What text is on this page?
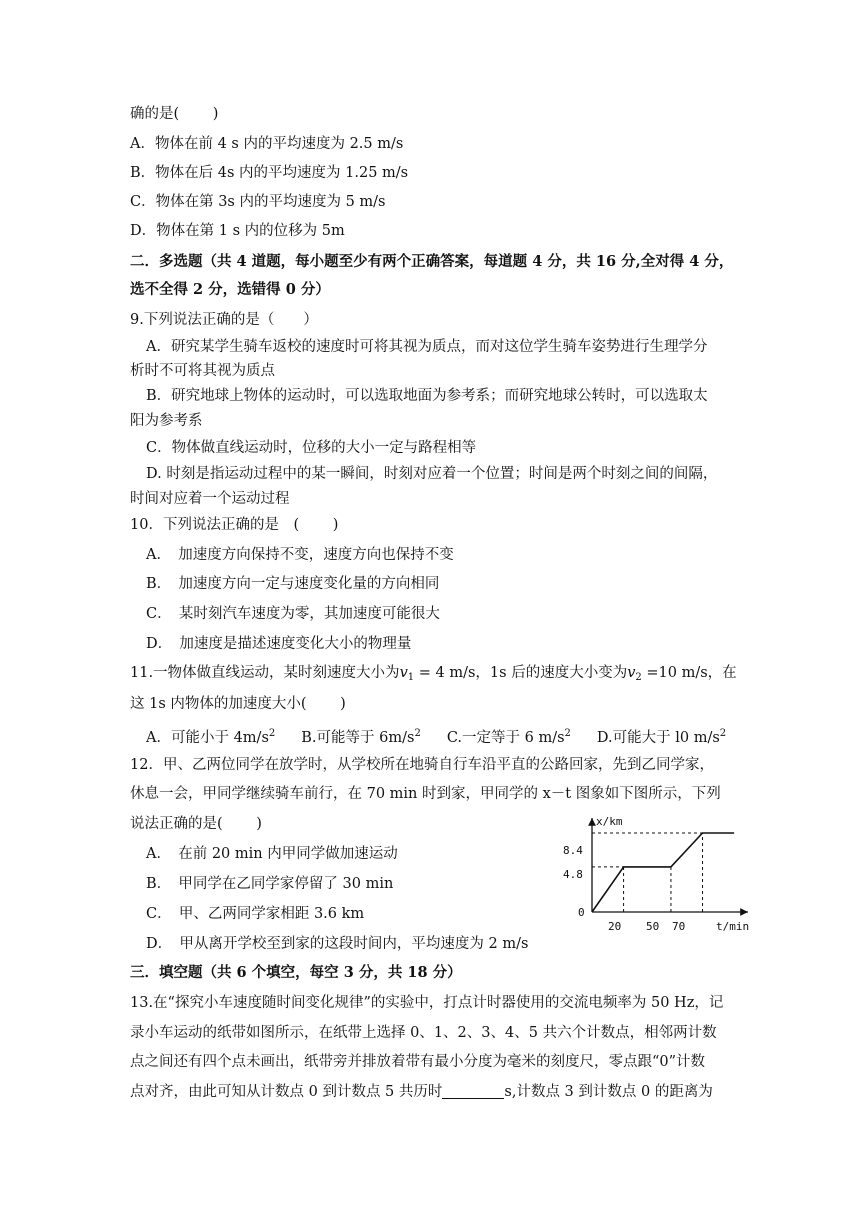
确的是(　　 )
A．物体在前 4 s 内的平均速度为 2.5 m/s
B．物体在后 4s 内的平均速度为 1.25 m/s
C．物体在第 3s 内的平均速度为 5 m/s
D．物体在第 1 s 内的位移为 5m
二．多选题（共 4 道题，每小题至少有两个正确答案，每道题 4 分，共 16 分,全对得 4 分，
选不全得 2 分，选错得 0 分）
9.下列说法正确的是（　　）
A．研究某学生骑车返校的速度时可将其视为质点，而对这位学生骑车姿势进行生理学分
析时不可将其视为质点
B．研究地球上物体的运动时，可以选取地面为参考系；而研究地球公转时，可以选取太
阳为参考系
C．物体做直线运动时，位移的大小一定与路程相等
D. 时刻是指运动过程中的某一瞬间，时刻对应着一个位置；时间是两个时刻之间的间隔，
时间对应着一个运动过程
10．下列说法正确的是　(　　 )
A．　加速度方向保持不变，速度方向也保持不变
B．　加速度方向一定与速度变化量的方向相同
C．　某时刻汽车速度为零，其加速度可能很大
D．　加速度是描述速度变化大小的物理量
11.一物体做直线运动，某时刻速度大小为$v_1 = 4$ m/s，1s 后的速度大小变为$v_2 =10$ m/s，在
这 1s 内物体的加速度大小(　　 )
A．可能小于 $4m/s^2$ B.可能等于 $6m/s^2$ C.一定等于 6 $m/s^2$ D.可能大于 l0 $m/s^2$
12．甲、乙两位同学在放学时，从学校所在地骑自行车沿平直的公路回家，先到乙同学家，
休息一会，甲同学继续骑车前行，在 70 min 时到家，甲同学的 x－t 图象如下图所示，下列
说法正确的是(　　 )
A．　在前 20 min 内甲同学做加速运动
B．　甲同学在乙同学家停留了 30 min
C．　甲、乙两同学家相距 3.6 km
D．　甲从离开学校至到家的这段时间内，平均速度为 2 m/s
x/km
t/min
0
8.4
4.8
20 50 70
三．填空题（共 6 个填空，每空 3 分，共 18 分）
13.在“探究小车速度随时间变化规律”的实验中，打点计时器使用的交流电频率为 50 Hz，记
录小车运动的纸带如图所示，在纸带上选择 0、1、2、3、4、5 共六个计数点，相邻两计数
点之间还有四个点未画出，纸带旁并排放着带有最小分度为毫米的刻度尺，零点跟“0”计数
点对齐，由此可知从计数点 0 到计数点 5 共历时	s,计数点 3 到计数点 0 的距离为
